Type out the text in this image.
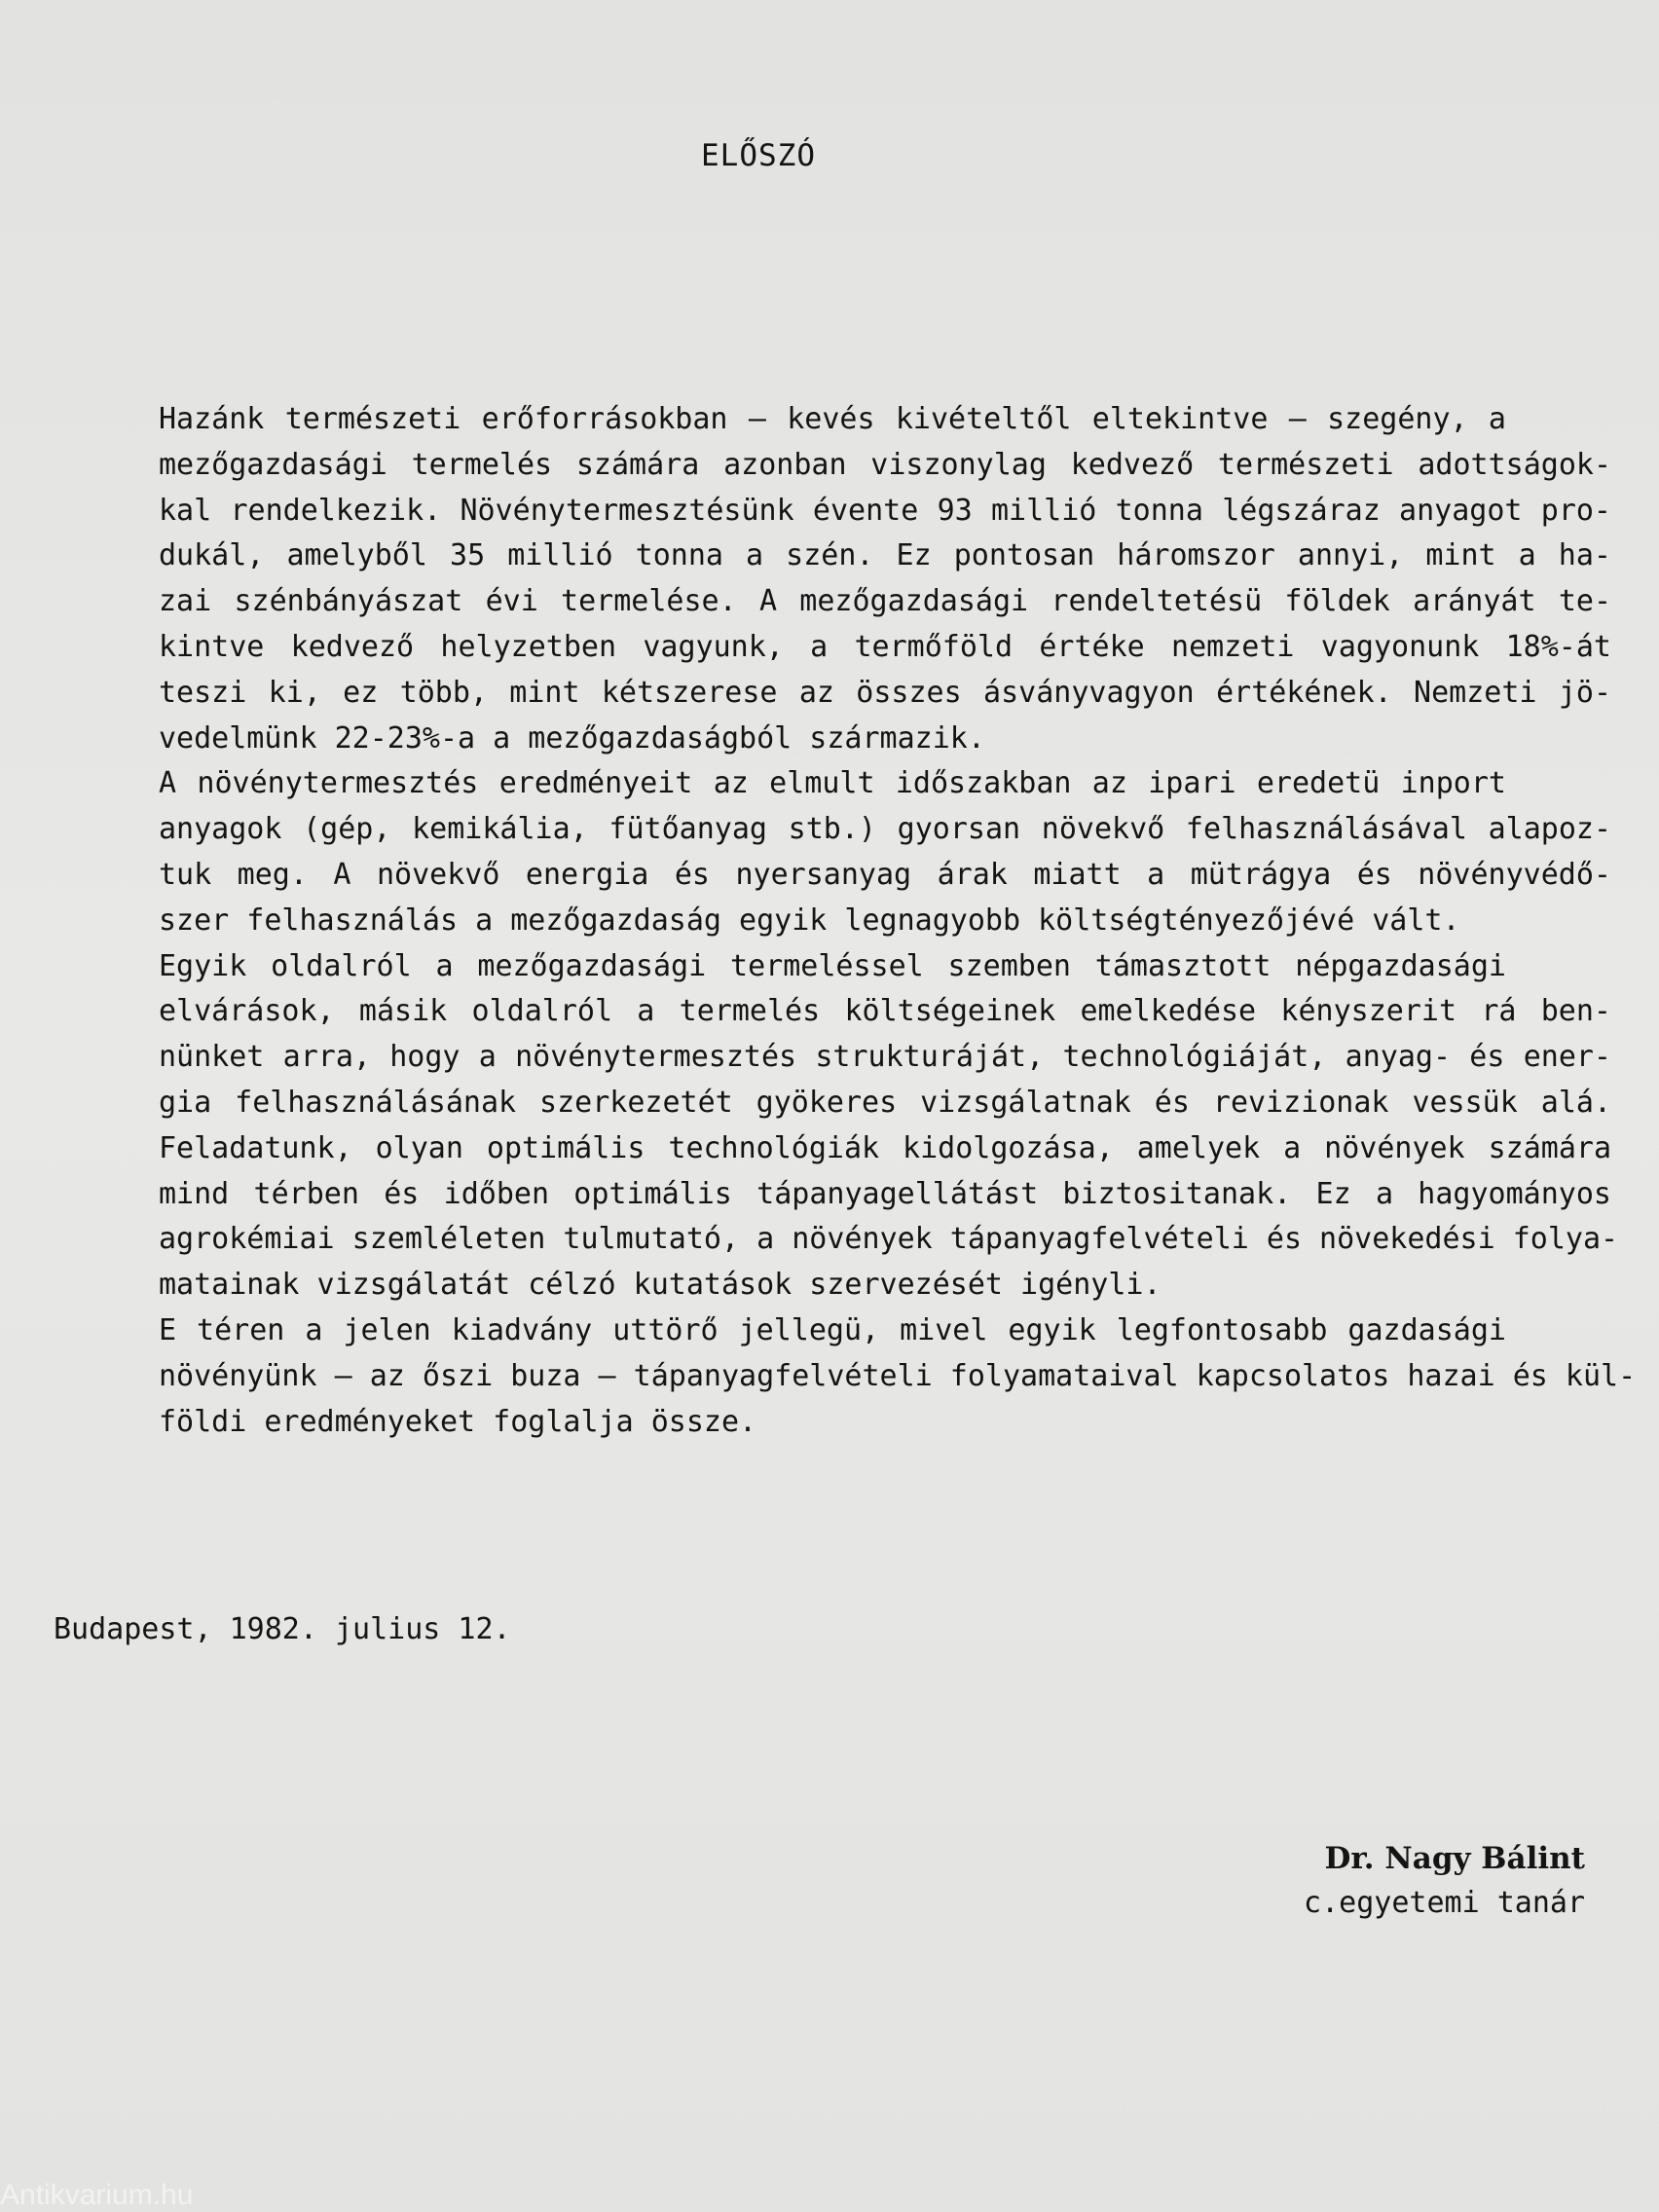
ELŐSZÓ

Hazánk természeti erőforrásokban – kevés kivételtől eltekintve – szegény, a
mezőgazdasági termelés számára azonban viszonylag kedvező természeti adottságok-
kal rendelkezik. Növénytermesztésünk évente 93 millió tonna légszáraz anyagot pro-
dukál, amelyből 35 millió tonna a szén. Ez pontosan háromszor annyi, mint a ha-
zai szénbányászat évi termelése. A mezőgazdasági rendeltetésü földek arányát te-
kintve kedvező helyzetben vagyunk, a termőföld értéke nemzeti vagyonunk 18%-át
teszi ki, ez több, mint kétszerese az összes ásványvagyon értékének. Nemzeti jö-
vedelmünk 22-23%-a a mezőgazdaságból származik.

A növénytermesztés eredményeit az elmult időszakban az ipari eredetü inport
anyagok (gép, kemikália, fütőanyag stb.) gyorsan növekvő felhasználásával alapoz-
tuk meg. A növekvő energia és nyersanyag árak miatt a mütrágya és növényvédő-
szer felhasználás a mezőgazdaság egyik legnagyobb költségtényezőjévé vált.

Egyik oldalról a mezőgazdasági termeléssel szemben támasztott népgazdasági
elvárások, másik oldalról a termelés költségeinek emelkedése kényszerit rá ben-
nünket arra, hogy a növénytermesztés strukturáját, technológiáját, anyag- és ener-
gia felhasználásának szerkezetét gyökeres vizsgálatnak és revizionak vessük alá.
Feladatunk, olyan optimális technológiák kidolgozása, amelyek a növények számára
mind térben és időben optimális tápanyagellátást biztositanak. Ez a hagyományos
agrokémiai szemléleten tulmutató, a növények tápanyagfelvételi és növekedési folya-
matainak vizsgálatát célzó kutatások szervezését igényli.

E téren a jelen kiadvány uttörő jellegü, mivel egyik legfontosabb gazdasági
növényünk – az őszi buza – tápanyagfelvételi folyamataival kapcsolatos hazai és kül-
földi eredményeket foglalja össze.

Budapest, 1982. julius 12.
Dr. Nagy Bálint
c.egyetemi tanár
Antikvarium.hu
